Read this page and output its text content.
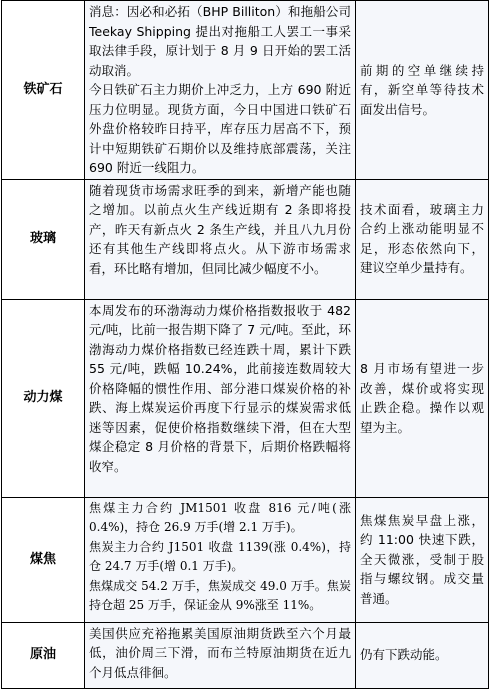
铁矿石	消息：因必和必拓（BHP Billiton）和拖船公司 Teekay Shipping 提出对拖船工人罢工一事采取法律手段，原计划于 8 月 9 日开始的罢工活动取消。

今日铁矿石主力期价上冲乏力，上方 690 附近压力位明显。现货方面，今日中国进口铁矿石外盘价格较昨日持平，库存压力居高不下，预计中短期铁矿石期价以及维持底部震荡，关注 690 附近一线阻力。	前期的空单继续持有，新空单等待技术面发出信号。
玻璃	随着现货市场需求旺季的到来，新增产能也随之增加。以前点火生产线近期有 2 条即将投产，昨天有新点火 2 条生产线，并且八九月份还有其他生产线即将点火。从下游市场需求看，环比略有增加，但同比减少幅度不小。	技术面看，玻璃主力合约上涨动能明显不足，形态依然向下，建议空单少量持有。
动力煤	本周发布的环渤海动力煤价格指数报收于 482 元/吨，比前一报告期下降了 7 元/吨。至此，环渤海动力煤价格指数已经连跌十周，累计下跌 55 元/吨，跌幅 10.24%，此前接连数周较大价格降幅的惯性作用、部分港口煤炭价格的补跌、海上煤炭运价再度下行显示的煤炭需求低迷等因素，促使价格指数继续下滑，但在大型煤企稳定 8 月价格的背景下，后期价格跌幅将收窄。	8 月市场有望进一步改善，煤价或将实现止跌企稳。操作以观望为主。
煤焦	焦煤主力合约 JM1501 收盘 816 元/吨(涨 0.4%)，持仓 26.9 万手(增 2.1 万手)。

焦炭主力合约 J1501 收盘 1139(涨 0.4%)，持仓 24.7 万手(增 0.1 万手)。

焦煤成交 54.2 万手，焦炭成交 49.0 万手。焦炭持仓超 25 万手，保证金从 9%涨至 11%。	焦煤焦炭早盘上涨，约 11:00 快速下跌，全天微涨，受制于股指与螺纹钢。成交量普通。
原油	美国供应充裕拖累美国原油期货跌至六个月最低，油价周三下滑，而布兰特原油期货在近九个月低点徘徊。	仍有下跌动能。
